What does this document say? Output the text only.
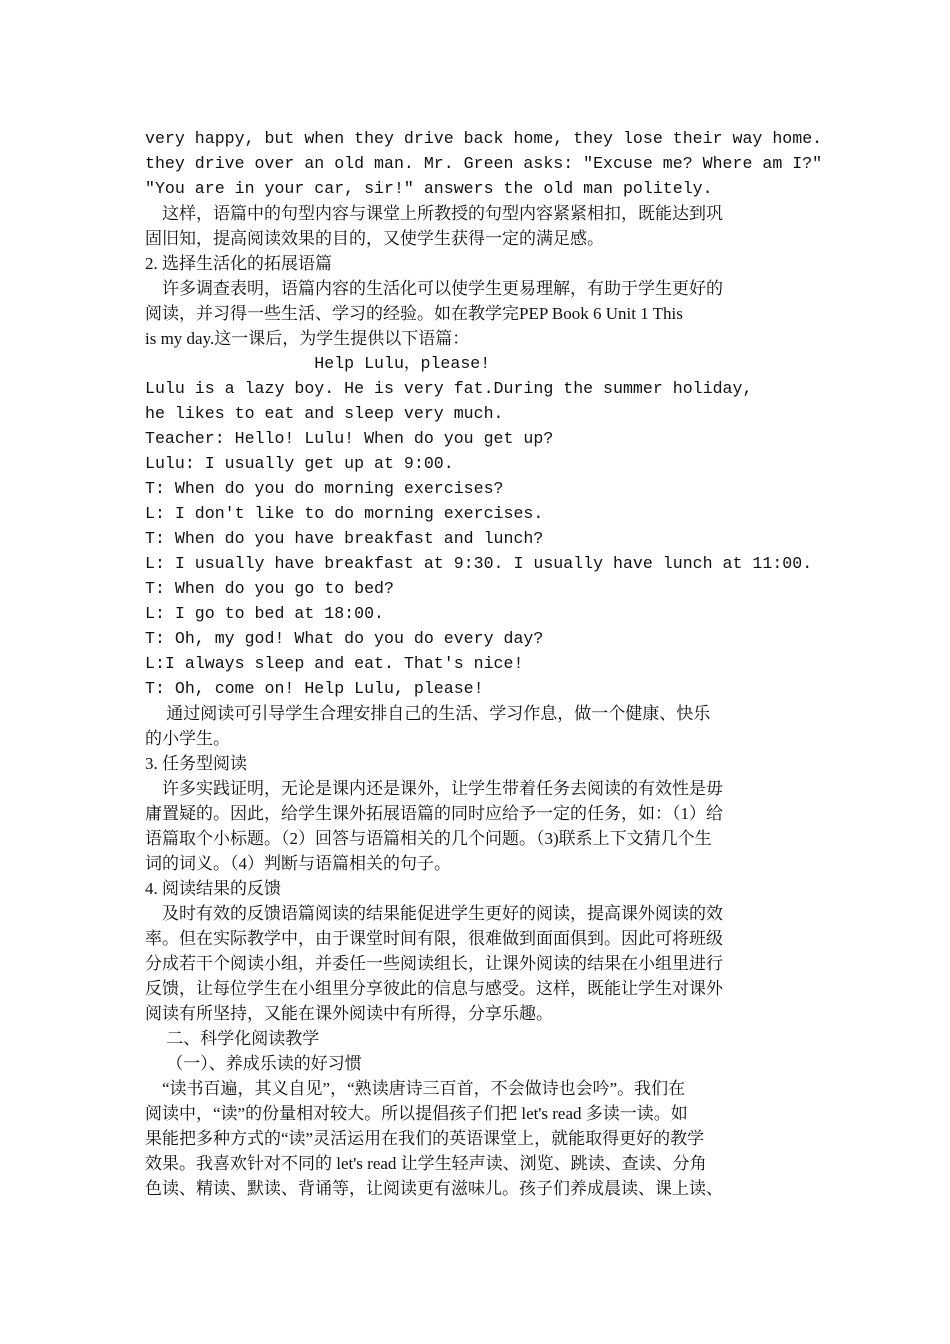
very happy, but when they drive back home, they lose their way home.
they drive over an old man. Mr. Green asks: "Excuse me? Where am I?"
"You are in your car, sir!" answers the old man politely.
这样，语篇中的句型内容与课堂上所教授的句型内容紧紧相扣，既能达到巩
固旧知，提高阅读效果的目的，又使学生获得一定的满足感。
2. 选择生活化的拓展语篇
许多调查表明，语篇内容的生活化可以使学生更易理解，有助于学生更好的
阅读，并习得一些生活、学习的经验。如在教学完PEP Book 6 Unit 1 This
is my day.这一课后，为学生提供以下语篇：
Help Lulu，please!
Lulu is a lazy boy. He is very fat.During the summer holiday,
he likes to eat and sleep very much.
Teacher: Hello! Lulu! When do you get up?
Lulu: I usually get up at 9:00.
T: When do you do morning exercises?
L: I don't like to do morning exercises.
T: When do you have breakfast and lunch?
L: I usually have breakfast at 9:30. I usually have lunch at 11:00.
T: When do you go to bed?
L: I go to bed at 18:00.
T: Oh, my god! What do you do every day?
L:I always sleep and eat. That's nice!
T: Oh, come on! Help Lulu, please!
通过阅读可引导学生合理安排自己的生活、学习作息，做一个健康、快乐
的小学生。
3. 任务型阅读
许多实践证明，无论是课内还是课外，让学生带着任务去阅读的有效性是毋
庸置疑的。因此，给学生课外拓展语篇的同时应给予一定的任务，如：（1）给
语篇取个小标题。（2）回答与语篇相关的几个问题。（3)联系上下文猜几个生
词的词义。（4）判断与语篇相关的句子。
4. 阅读结果的反馈
及时有效的反馈语篇阅读的结果能促进学生更好的阅读，提高课外阅读的效
率。但在实际教学中，由于课堂时间有限，很难做到面面俱到。因此可将班级
分成若干个阅读小组，并委任一些阅读组长，让课外阅读的结果在小组里进行
反馈，让每位学生在小组里分享彼此的信息与感受。这样，既能让学生对课外
阅读有所坚持，又能在课外阅读中有所得，分享乐趣。
二、科学化阅读教学
（一）、养成乐读的好习惯
“读书百遍，其义自见”，“熟读唐诗三百首，不会做诗也会吟”。我们在
阅读中，“读”的份量相对较大。所以提倡孩子们把 let's read 多读一读。如
果能把多种方式的“读”灵活运用在我们的英语课堂上，就能取得更好的教学
效果。我喜欢针对不同的 let's read 让学生轻声读、浏览、跳读、查读、分角
色读、精读、默读、背诵等，让阅读更有滋味儿。孩子们养成晨读、课上读、
